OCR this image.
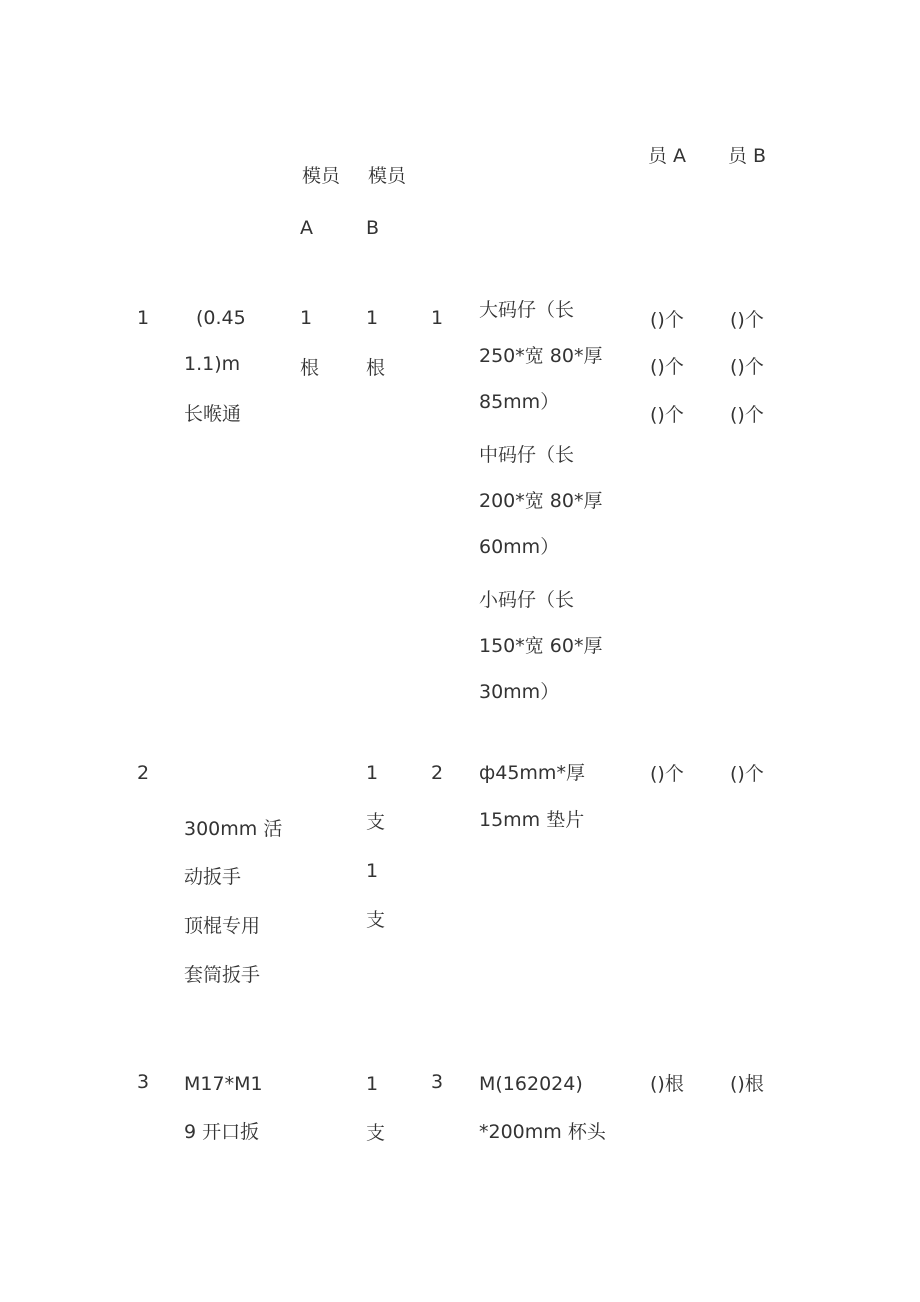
模员
A
模员
B
员 A 员 B
1 (0.45
1.1)m
长喉通
1
根
1
根
1 大码仔（长
250*宽 80*厚
85mm）
中码仔（长
200*宽 80*厚
60mm）
小码仔（长
150*宽 60*厚
30mm）
()个
()个
()个
()个
()个
()个
2
300mm 活
动扳手
顶棍专用
套筒扳手
1
支
1
支
2 ф45mm*厚
15mm 垫片
()个 ()个
3 M17*M1
9 开口扳
1
支
3 M(162024)
*200mm 杯头
()根 ()根
